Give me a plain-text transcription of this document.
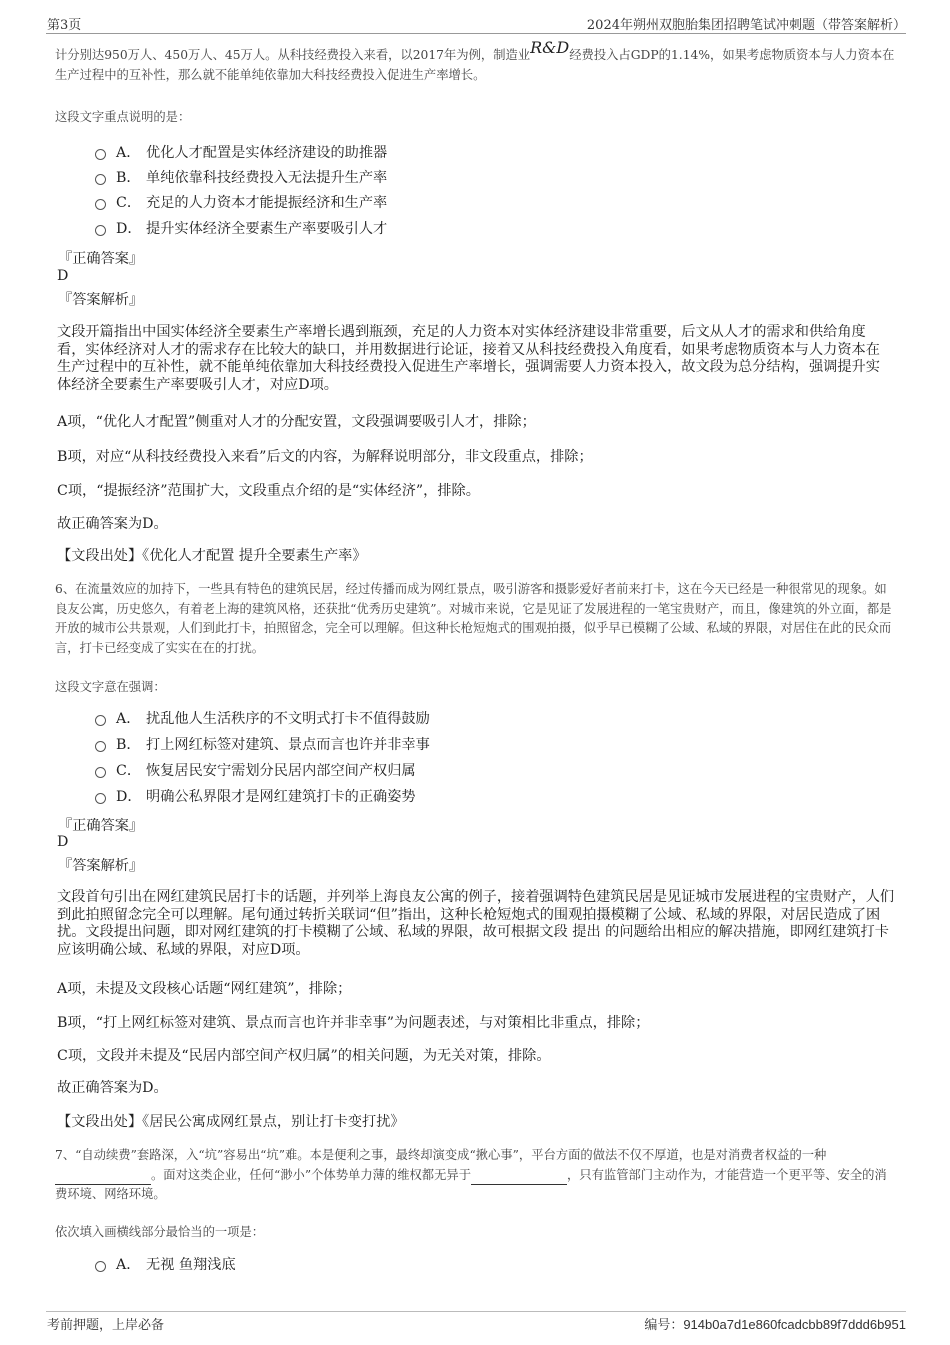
第3页	2024年朔州双胞胎集团招聘笔试冲刺题（带答案解析）
计分别达950万人、450万人、45万人。从科技经费投入来看，以2017年为例，制造业R&D经费投入占GDP的1.14%，如果考虑物质资本与人力资本在生产过程中的互补性，那么就不能单纯依靠加大科技经费投入促进生产率增长。
这段文字重点说明的是：
A． 优化人才配置是实体经济建设的助推器
B． 单纯依靠科技经费投入无法提升生产率
C． 充足的人力资本才能提振经济和生产率
D． 提升实体经济全要素生产率要吸引人才
『正确答案』
D
『答案解析』
文段开篇指出中国实体经济全要素生产率增长遇到瓶颈，充足的人力资本对实体经济建设非常重要，后文从人才的需求和供给角度看，实体经济对人才的需求存在比较大的缺口，并用数据进行论证，接着又从科技经费投入角度看，如果考虑物质资本与人力资本在生产过程中的互补性，就不能单纯依靠加大科技经费投入促进生产率增长，强调需要人力资本投入，故文段为总分结构，强调提升实体经济全要素生产率要吸引人才，对应D项。
A项，“优化人才配置”侧重对人才的分配安置，文段强调要吸引人才，排除；
B项，对应“从科技经费投入来看”后文的内容，为解释说明部分，非文段重点，排除；
C项，“提振经济”范围扩大，文段重点介绍的是“实体经济”，排除。
故正确答案为D。
【文段出处】《优化人才配置 提升全要素生产率》
6、在流量效应的加持下，一些具有特色的建筑民居，经过传播而成为网红景点，吸引游客和摄影爱好者前来打卡，这在今天已经是一种很常见的现象。如良友公寓，历史悠久，有着老上海的建筑风格，还获批“优秀历史建筑”。对城市来说，它是见证了发展进程的一笔宝贵财产，而且，像建筑的外立面，都是开放的城市公共景观，人们到此打卡，拍照留念，完全可以理解。但这种长枪短炮式的围观拍摄，似乎早已模糊了公域、私域的界限，对居住在此的民众而言，打卡已经变成了实实在在的打扰。
这段文字意在强调：
A． 扰乱他人生活秩序的不文明式打卡不值得鼓励
B． 打上网红标签对建筑、景点而言也许并非幸事
C． 恢复居民安宁需划分民居内部空间产权归属
D． 明确公私界限才是网红建筑打卡的正确姿势
『正确答案』
D
『答案解析』
文段首句引出在网红建筑民居打卡的话题，并列举上海良友公寓的例子，接着强调特色建筑民居是见证城市发展进程的宝贵财产，人们到此拍照留念完全可以理解。尾句通过转折关联词“但”指出，这种长枪短炮式的围观拍摄模糊了公域、私域的界限，对居民造成了困扰。文段提出问题，即对网红建筑的打卡模糊了公域、私域的界限，故可根据文段 提出 的问题给出相应的解决措施，即网红建筑打卡应该明确公域、私域的界限，对应D项。
A项，未提及文段核心话题“网红建筑”，排除；
B项，“打上网红标签对建筑、景点而言也许并非幸事”为问题表述，与对策相比非重点，排除；
C项，文段并未提及“民居内部空间产权归属”的相关问题，为无关对策，排除。
故正确答案为D。
【文段出处】《居民公寓成网红景点，别让打卡变打扰》
7、“自动续费”套路深，入“坑”容易出“坑”难。本是便利之事，最终却演变成“揪心事”，平台方面的做法不仅不厚道，也是对消费者权益的一种。面对这类企业，任何“渺小”个体势单力薄的维权都无异于	，只有监管部门主动作为，才能营造一个更平等、安全的消费环境、网络环境。
依次填入画横线部分最恰当的一项是：
A． 无视 鱼翔浅底
考前押题，上岸必备	编号：914b0a7d1e860fcadcbb89f7ddd6b951
